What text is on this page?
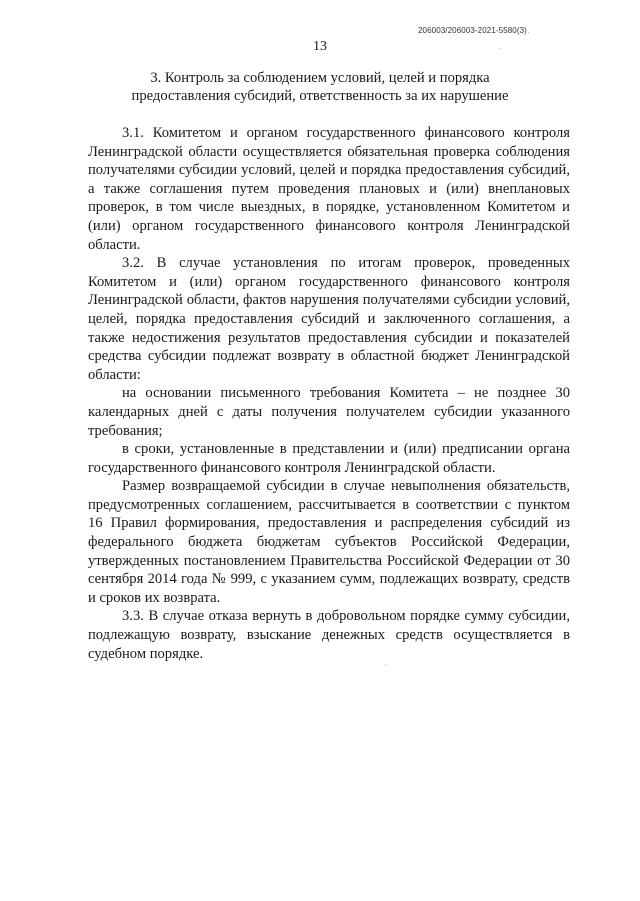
206003/206003-2021-5580(3)
13
3. Контроль за соблюдением условий, целей и порядка
предоставления субсидий, ответственность за их нарушение

3.1. Комитетом и органом государственного финансового контроля Ленинградской области осуществляется обязательная проверка соблюдения получателями субсидии условий, целей и порядка предоставления субсидий, а также соглашения путем проведения плановых и (или) внеплановых проверок, в том числе выездных, в порядке, установленном Комитетом и (или) органом государственного финансового контроля Ленинградской области.

3.2. В случае установления по итогам проверок, проведенных Комитетом и (или) органом государственного финансового контроля Ленинградской области, фактов нарушения получателями субсидии условий, целей, порядка предоставления субсидий и заключенного соглашения, а также недостижения результатов предоставления субсидии и показателей средства субсидии подлежат возврату в областной бюджет Ленинградской области:

на основании письменного требования Комитета – не позднее 30 календарных дней с даты получения получателем субсидии указанного требования;

в сроки, установленные в представлении и (или) предписании органа государственного финансового контроля Ленинградской области.

Размер возвращаемой субсидии в случае невыполнения обязательств, предусмотренных соглашением, рассчитывается в соответствии с пунктом 16 Правил формирования, предоставления и распределения субсидий из федерального бюджета бюджетам субъектов Российской Федерации, утвержденных постановлением Правительства Российской Федерации от 30 сентября 2014 года № 999, с указанием сумм, подлежащих возврату, средств и сроков их возврата.

3.3. В случае отказа вернуть в добровольном порядке сумму субсидии, подлежащую возврату, взыскание денежных средств осуществляется в судебном порядке.
